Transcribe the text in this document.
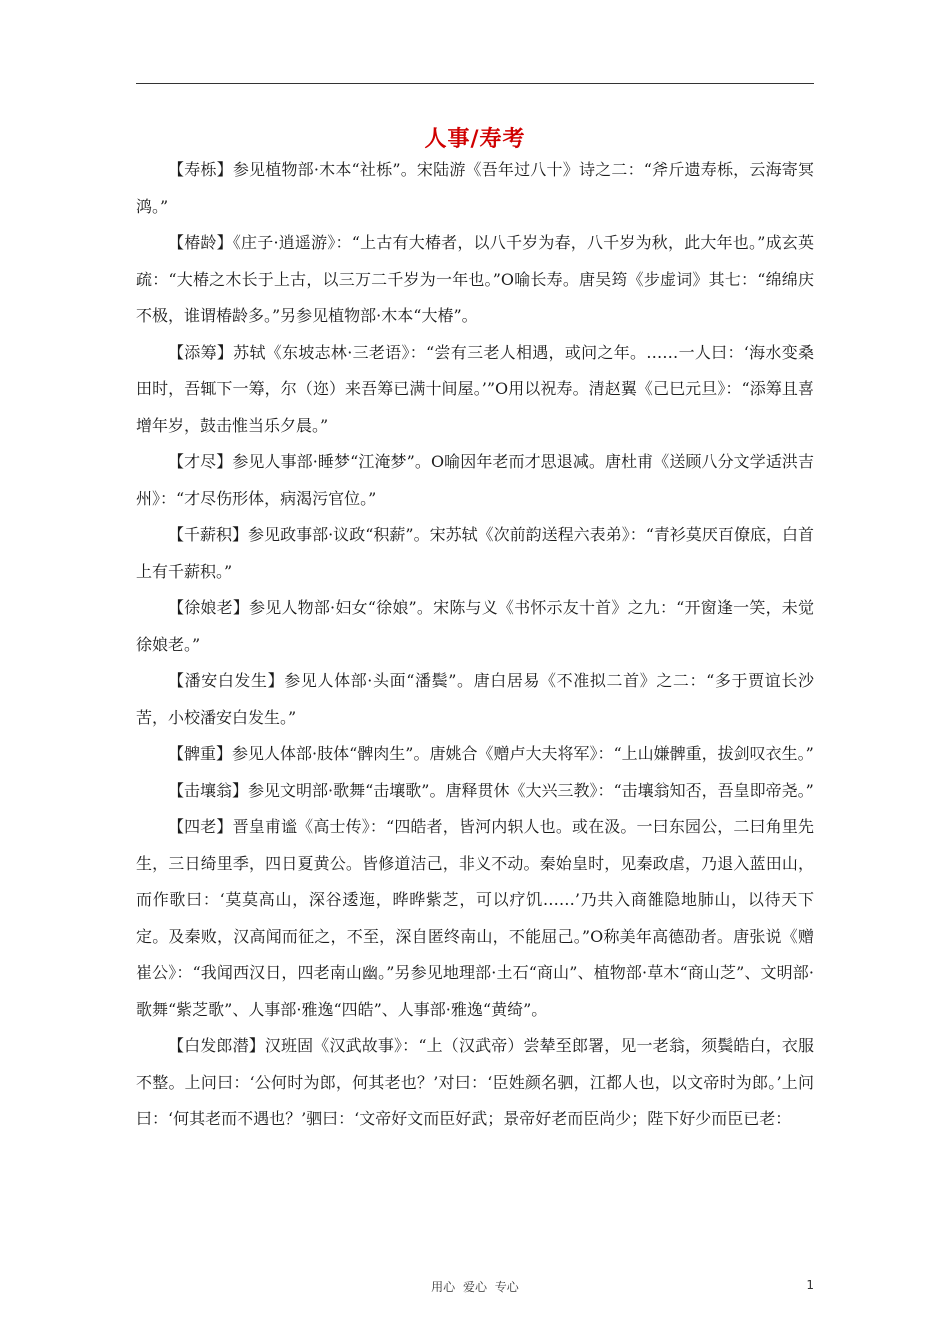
人事/寿考

【寿栎】参见植物部·木本“社栎”。宋陆游《吾年过八十》诗之二：“斧斤遗寿栎，云海寄冥鸿。”

【椿龄】《庄子·逍遥游》：“上古有大椿者，以八千岁为春，八千岁为秋，此大年也。”成玄英疏：“大椿之木长于上古，以三万二千岁为一年也。”O喻长寿。唐吴筠《步虚词》其七：“绵绵庆不极，谁谓椿龄多。”另参见植物部·木本“大椿”。

【添筹】苏轼《东坡志林·三老语》：“尝有三老人相遇，或问之年。……一人曰：‘海水变桑田时，吾辄下一筹，尔（迩）来吾筹已满十间屋。’”O用以祝寿。清赵翼《己巳元旦》：“添筹且喜增年岁，鼓击惟当乐夕晨。”

【才尽】参见人事部·睡梦“江淹梦”。O喻因年老而才思退减。唐杜甫《送顾八分文学适洪吉州》：“才尽伤形体，病渴污官位。”

【千薪积】参见政事部·议政“积薪”。宋苏轼《次前韵送程六表弟》：“青衫莫厌百僚底，白首上有千薪积。”

【徐娘老】参见人物部·妇女“徐娘”。宋陈与义《书怀示友十首》之九：“开窗逢一笑，未觉徐娘老。”

【潘安白发生】参见人体部·头面“潘鬓”。唐白居易《不准拟二首》之二：“多于贾谊长沙苦，小校潘安白发生。”

【髀重】参见人体部·肢体“髀肉生”。唐姚合《赠卢大夫将军》：“上山嫌髀重，拔剑叹衣生。”

【击壤翁】参见文明部·歌舞“击壤歌”。唐释贯休《大兴三教》：“击壤翁知否，吾皇即帝尧。”

【四老】晋皇甫谧《高士传》：“四皓者，皆河内轵人也。或在汲。一曰东园公，二曰角里先生，三日绮里季，四日夏黄公。皆修道洁己，非义不动。秦始皇时，见秦政虐，乃退入蓝田山，而作歌曰：‘莫莫高山，深谷逶迤，晔晔紫芝，可以疗饥……’乃共入商雒隐地肺山，以待天下定。及秦败，汉高闻而征之，不至，深自匿终南山，不能屈己。”O称美年高德劭者。唐张说《赠崔公》：“我闻西汉日，四老南山幽。”另参见地理部·土石“商山”、植物部·草木“商山芝”、文明部·歌舞“紫芝歌”、人事部·雅逸“四皓”、人事部·雅逸“黄绮”。

【白发郎潜】汉班固《汉武故事》：“上（汉武帝）尝辇至郎署，见一老翁，须鬓皓白，衣服不整。上问曰：‘公何时为郎，何其老也？’对曰：‘臣姓颜名驷，江都人也，以文帝时为郎。’上问曰：‘何其老而不遇也？’驷曰：‘文帝好文而臣好武；景帝好老而臣尚少；陛下好少而臣已老：

用心 爱心 专心	1
